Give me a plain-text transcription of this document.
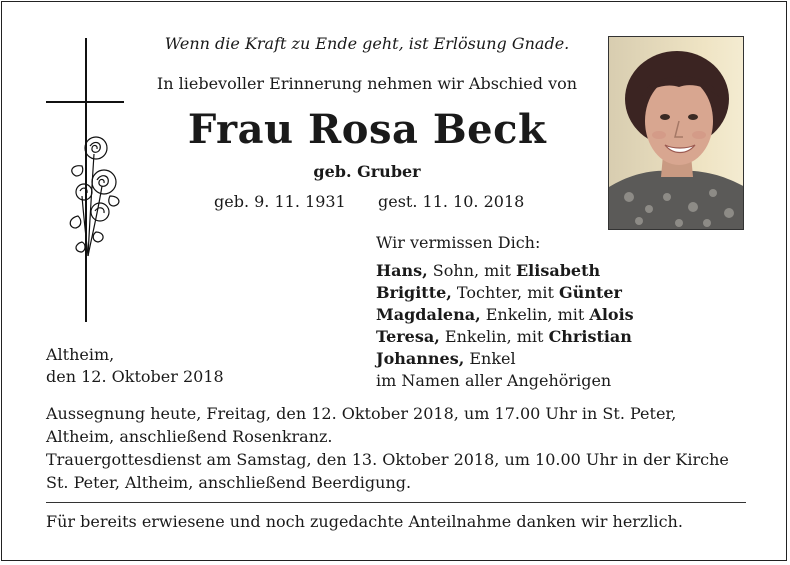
Wenn die Kraft zu Ende geht, ist Erlösung Gnade.
In liebevoller Erinnerung nehmen wir Abschied von
Frau Rosa Beck
geb. Gruber
geb. 9. 11. 1931 gest. 11. 10. 2018
Wir vermissen Dich:
Hans, Sohn, mit Elisabeth
Brigitte, Tochter, mit Günter
Magdalena, Enkelin, mit Alois
Teresa, Enkelin, mit Christian
Johannes, Enkel
im Namen aller Angehörigen
Altheim,
den 12. Oktober 2018
Aussegnung heute, Freitag, den 12. Oktober 2018, um 17.00 Uhr in St. Peter, Altheim, anschließend Rosenkranz.
Trauergottesdienst am Samstag, den 13. Oktober 2018, um 10.00 Uhr in der Kirche St. Peter, Altheim, anschließend Beerdigung.
Für bereits erwiesene und noch zugedachte Anteilnahme danken wir herzlich.
